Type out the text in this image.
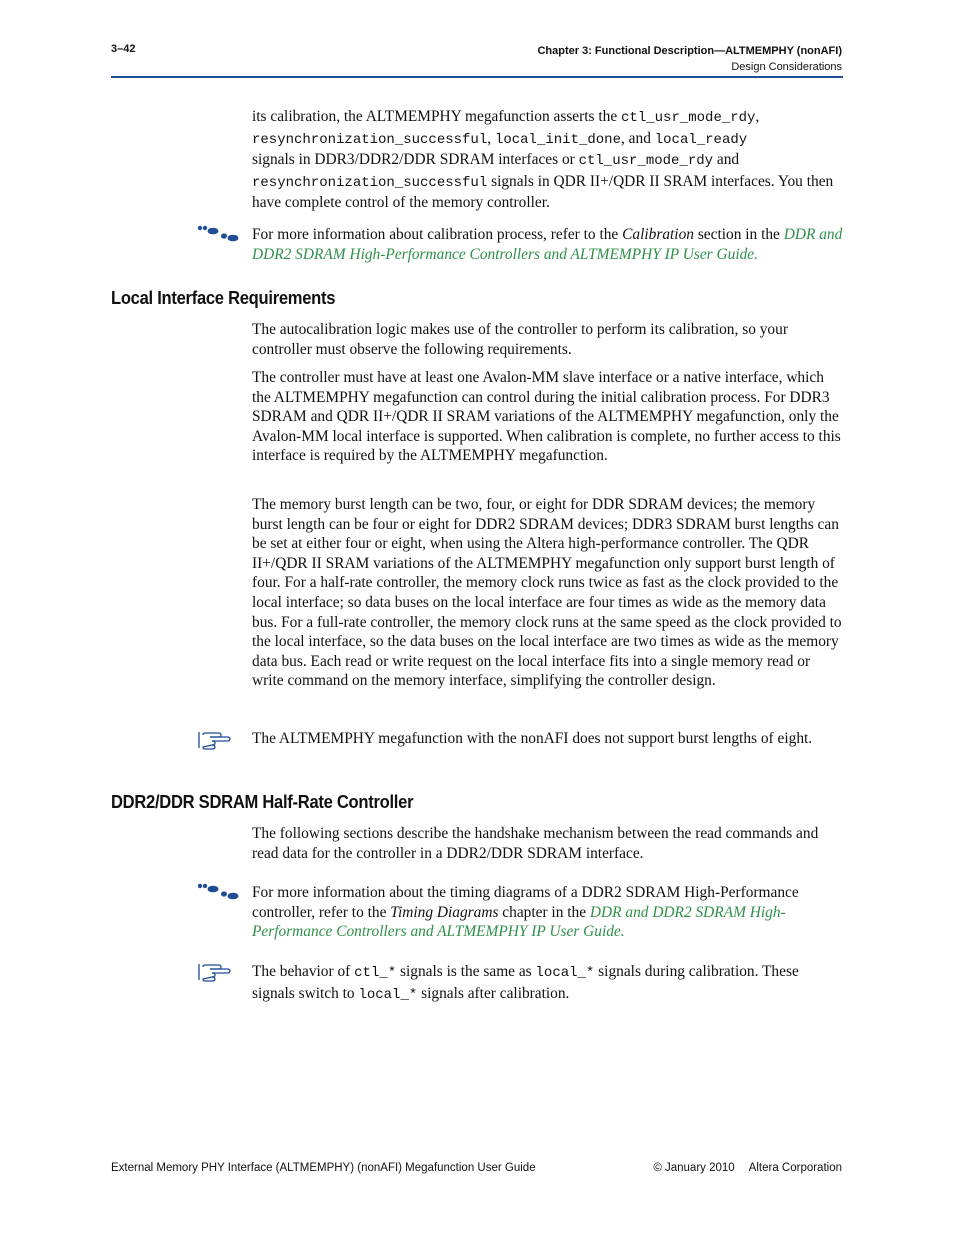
3–42	Chapter 3: Functional Description—ALTMEMPHY (nonAFI)
Design Considerations

its calibration, the ALTMEMPHY megafunction asserts the ctl_usr_mode_rdy,
resynchronization_successful, local_init_done, and local_ready
signals in DDR3/DDR2/DDR SDRAM interfaces or ctl_usr_mode_rdy and
resynchronization_successful signals in QDR II+/QDR II SRAM interfaces. You then have complete control of the memory controller.

For more information about calibration process, refer to the Calibration section in the DDR and DDR2 SDRAM High-Performance Controllers and ALTMEMPHY IP User Guide.

Local Interface Requirements

The autocalibration logic makes use of the controller to perform its calibration, so your controller must observe the following requirements.

The controller must have at least one Avalon-MM slave interface or a native interface, which the ALTMEMPHY megafunction can control during the initial calibration process. For DDR3 SDRAM and QDR II+/QDR II SRAM variations of the ALTMEMPHY megafunction, only the Avalon-MM local interface is supported. When calibration is complete, no further access to this interface is required by the ALTMEMPHY megafunction.

The memory burst length can be two, four, or eight for DDR SDRAM devices; the memory burst length can be four or eight for DDR2 SDRAM devices; DDR3 SDRAM burst lengths can be set at either four or eight, when using the Altera high-performance controller. The QDR II+/QDR II SRAM variations of the ALTMEMPHY megafunction only support burst length of four. For a half-rate controller, the memory clock runs twice as fast as the clock provided to the local interface; so data buses on the local interface are four times as wide as the memory data bus. For a full-rate controller, the memory clock runs at the same speed as the clock provided to the local interface, so the data buses on the local interface are two times as wide as the memory data bus. Each read or write request on the local interface fits into a single memory read or write command on the memory interface, simplifying the controller design.

The ALTMEMPHY megafunction with the nonAFI does not support burst lengths of eight.

DDR2/DDR SDRAM Half-Rate Controller

The following sections describe the handshake mechanism between the read commands and read data for the controller in a DDR2/DDR SDRAM interface.

For more information about the timing diagrams of a DDR2 SDRAM High-Performance controller, refer to the Timing Diagrams chapter in the DDR and DDR2 SDRAM High-Performance Controllers and ALTMEMPHY IP User Guide.

The behavior of ctl_* signals is the same as local_* signals during calibration. These signals switch to local_* signals after calibration.

External Memory PHY Interface (ALTMEMPHY) (nonAFI) Megafunction User Guide	© January 2010 Altera Corporation
